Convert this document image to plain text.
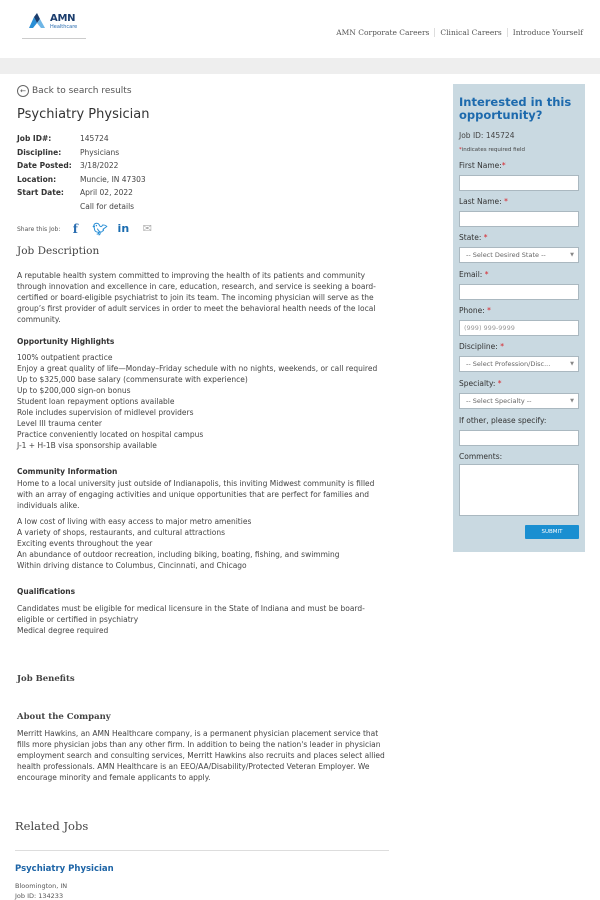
AMN
Healthcare
AMN Corporate Careers	Clinical Careers	Introduce Yourself
← Back to search results
Psychiatry Physician
Job ID#:	145724
Discipline:	Physicians
Date Posted:	3/18/2022
Location:	Muncie, IN 47303
Start Date:	April 02, 2022
Call for details
Share this Job:	f	🐦︎ in ✉
Job Description
A reputable health system committed to improving the health of its patients and community through innovation and excellence in care, education, research, and service is seeking a board-certified or board-eligible psychiatrist to join its team. The incoming physician will serve as the group’s first provider of adult services in order to meet the behavioral health needs of the local community.
Opportunity Highlights
100% outpatient practice
Enjoy a great quality of life—Monday–Friday schedule with no nights, weekends, or call required
Up to $325,000 base salary (commensurate with experience)
Up to $200,000 sign-on bonus
Student loan repayment options available
Role includes supervision of midlevel providers
Level III trauma center
Practice conveniently located on hospital campus
J-1 + H-1B visa sponsorship available
Community Information
Home to a local university just outside of Indianapolis, this inviting Midwest community is filled with an array of engaging activities and unique opportunities that are perfect for families and individuals alike.
A low cost of living with easy access to major metro amenities
A variety of shops, restaurants, and cultural attractions
Exciting events throughout the year
An abundance of outdoor recreation, including biking, boating, fishing, and swimming
Within driving distance to Columbus, Cincinnati, and Chicago
Qualifications
Candidates must be eligible for medical licensure in the State of Indiana and must be board-eligible or certified in psychiatry
Medical degree required
Job Benefits
About the Company
Merritt Hawkins, an AMN Healthcare company, is a permanent physician placement service that fills more physician jobs than any other firm. In addition to being the nation's leader in physician employment search and consulting services, Merritt Hawkins also recruits and places select allied health professionals. AMN Healthcare is an EEO/AA/Disability/Protected Veteran Employer. We encourage minority and female applicants to apply.
Related Jobs
Psychiatry Physician
Bloomington, IN
Job ID: 134233
Interested in this opportunity?
Job ID: 145724
*indicates required field
First Name:*
Last Name: *
State: *
-- Select Desired State --	▼
Email: *
Phone: *
(999) 999-9999
Discipline: *
-- Select Profession/Disc...	▼
Specialty: *
-- Select Specialty --	▼
If other, please specify:
Comments:
SUBMIT
